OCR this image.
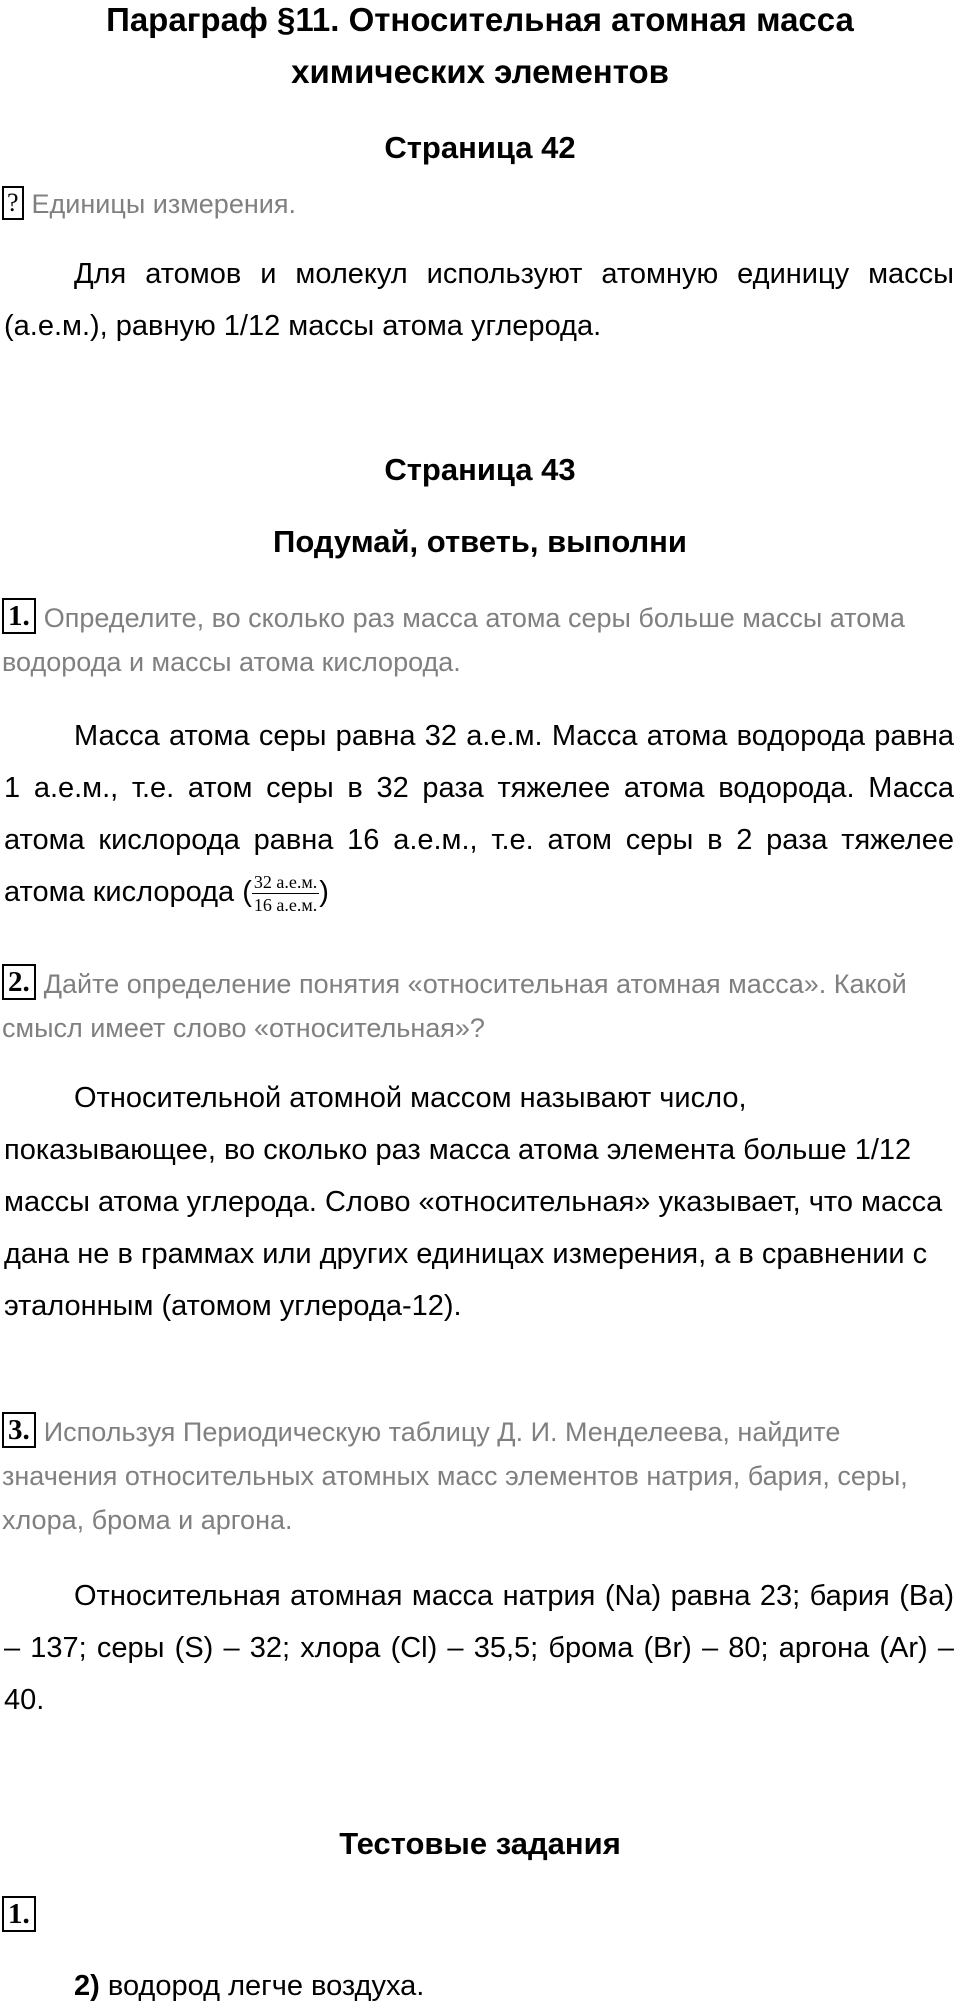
Параграф §11. Относительная атомная масса
химических элементов
Страница 42
? Единицы измерения.
Для атомов и молекул используют атомную единицу массы (а.е.м.), равную 1/12 массы атома углерода.
Страница 43
Подумай, ответь, выполни
1. Определите, во сколько раз масса атома серы больше массы атома водорода и массы атома кислорода.
Масса атома серы равна 32 а.е.м. Масса атома водорода равна 1 а.е.м., т.е. атом серы в 32 раза тяжелее атома водорода. Масса атома кислорода равна 16 а.е.м., т.е. атом серы в 2 раза тяжелее атома кислорода ( $\frac{32 а.е.м.}{16 а.е.м.}$ )
2. Дайте определение понятия «относительная атомная масса». Какой смысл имеет слово «относительная»?
Относительной атомной массом называют число, показывающее, во сколько раз масса атома элемента больше 1/12 массы атома углерода. Слово «относительная» указывает, что масса дана не в граммах или других единицах измерения, а в сравнении с эталонным (атомом углерода-12).
3. Используя Периодическую таблицу Д. И. Менделеева, найдите значения относительных атомных масс элементов натрия, бария, серы, хлора, брома и аргона.
Относительная атомная масса натрия (Na) равна 23; бария (Ba) – 137; серы (S) – 32; хлора (Cl) – 35,5; брома (Br) – 80; аргона (Ar) – 40.
Тестовые задания
1.
2) водород легче воздуха.
